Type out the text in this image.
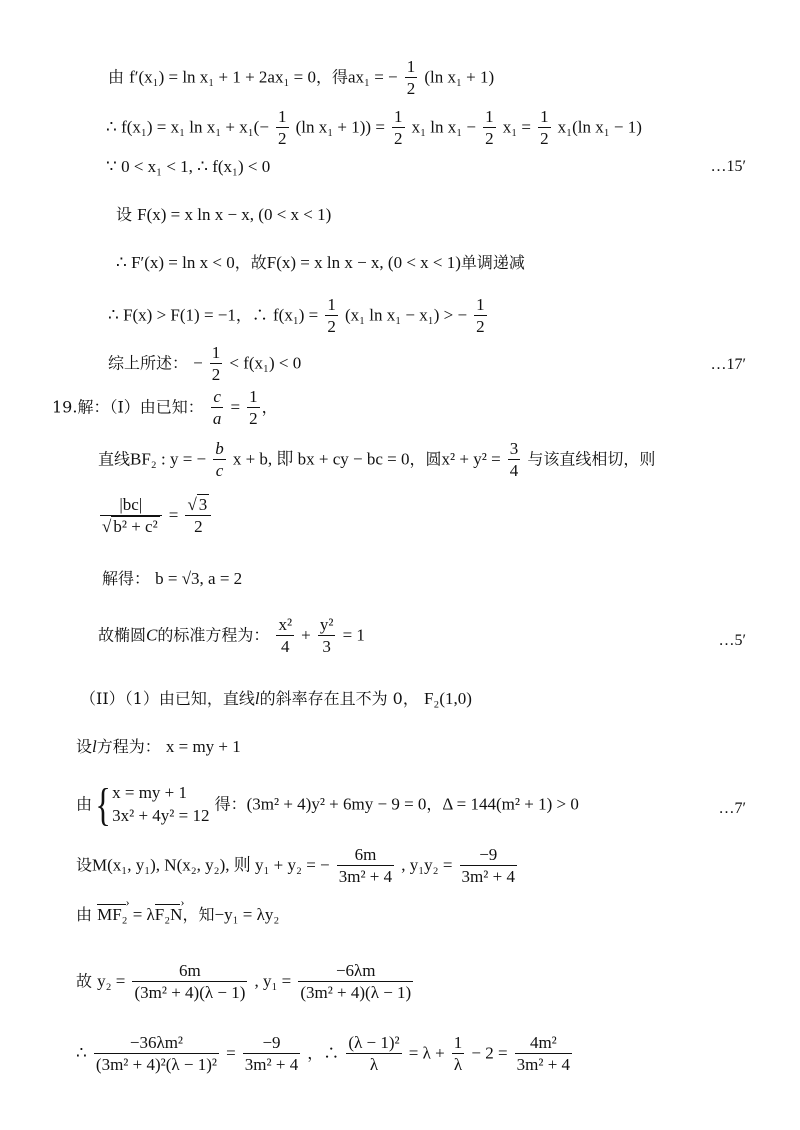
由 f′(x₁) = ln x₁ + 1 + 2ax₁ = 0，得ax₁ = − $\frac{1}{2} (\ln$ x₁ + 1)
∴ f(x₁) = x₁ $\ln x_1 + x_1(- \frac{1}{2} (\ln$ $x_1 + 1)) = \frac{1}{2} x_1$ $\ln x_1 - \frac{1}{2} x_1 = \frac{1}{2} x_1(\ln$ x₁ − 1)
∵ 0 < x₁ < 1, ∴ f(x₁) < 0	…15′
设 F(x) = x ln x − x, (0 < x < 1)
∴ F′(x) = ln x < 0，故F(x) = x ln x − x, (0 < x < 1)单调递减
∴ F(x) > F(1) = −1，∴ $f(x_1) = \frac{1}{2} (x_1$ ln x₁ − x₁) > − $\frac{1}{2}$
综上所述： − $\frac{1}{2} < f(x_1) < 0$	…17′
19.解：（I）由已知： $\frac{c}{a} = \frac{1}{2}$ ，
直线BF₂ : y = − $\frac{b}{c}$ x + b, 即 bx + cy − bc = 0，圆$x^2 + y^2 = \frac{3}{4}$ 与该直线相切，则
$\frac{|bc|}{\text{√ b² + c²}} = \frac{√ 3}{2}$
解得： b = √3, a = 2
故椭圆C的标准方程为： $\frac{\text{x²}}{4} + \frac{\text{y²}}{3} = 1$	…5′
（II）（1）由已知，直线l的斜率存在且不为 0， F₂(1,0)
设l方程为： x = my + 1
由{ x = my + 1
3x² + 4y² = 12
得：(3m² + 4)y² + 6my − 9 = 0，Δ = 144(m² + 1) > 0	…7′
设M(x₁, y₁), N(x₂, y₂), 则 y₁ + y₂ = − $\frac{6m}{\text{3m² + 4}}$ , $y_1y_2 = \frac{-9}{\text{3m² + 4}}$
由 MF₂ › = λF₂N ›，知−y₁ = λy₂
故 $y_2 = \frac{6m}{\text{(3m² + 4)(λ − 1)}}$ , $y_1 = \frac{-6\lambda m}{\text{(3m² + 4)(λ − 1)}}$
∴ $\frac{\text{−36λm²}}{\text{(3m² + 4)²(λ − 1)²}} = \frac{-9}{\text{3m² + 4}}$ ，∴ $\frac{\text{(λ − 1)²}}{\lambda} = \lambda + \frac{1}{\lambda} - 2 = \frac{\text{4m²}}{\text{3m² + 4}}$
